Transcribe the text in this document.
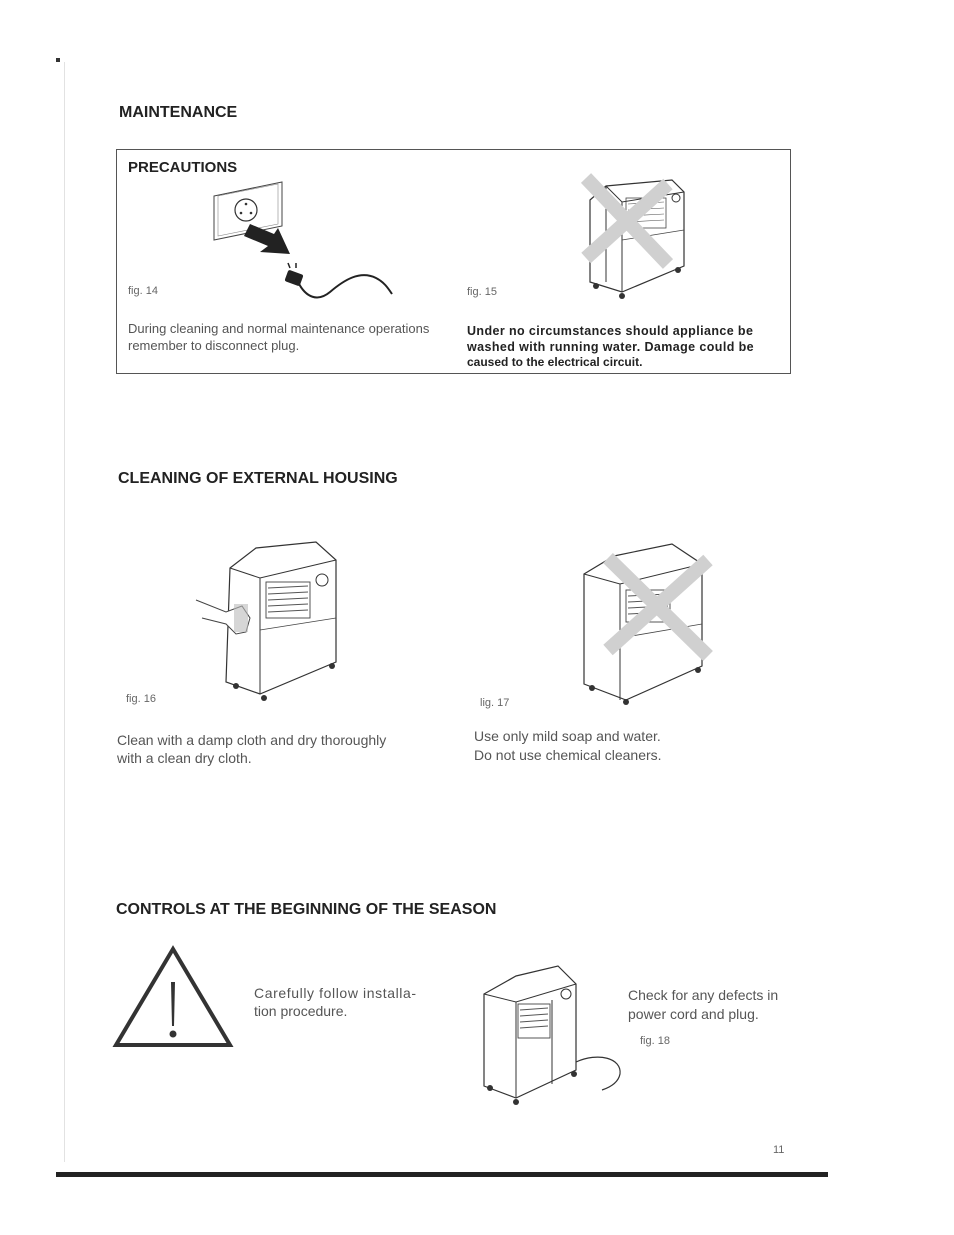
MAINTENANCE
PRECAUTIONS
fig. 14
During cleaning and normal maintenance operations
remember to disconnect plug.
fig. 15
Under no circumstances should appliance be
washed with running water. Damage could be
caused to the electrical circuit.
CLEANING OF EXTERNAL HOUSING
fig. 16
Clean with a damp cloth and dry thoroughly
with a clean dry cloth.
lig. 17
Use only mild soap and water.
Do not use chemical cleaners.
CONTROLS AT THE BEGINNING OF THE SEASON
Carefully follow installa-
tion procedure.
Check for any defects in
power cord and plug.
fig. 18
11
